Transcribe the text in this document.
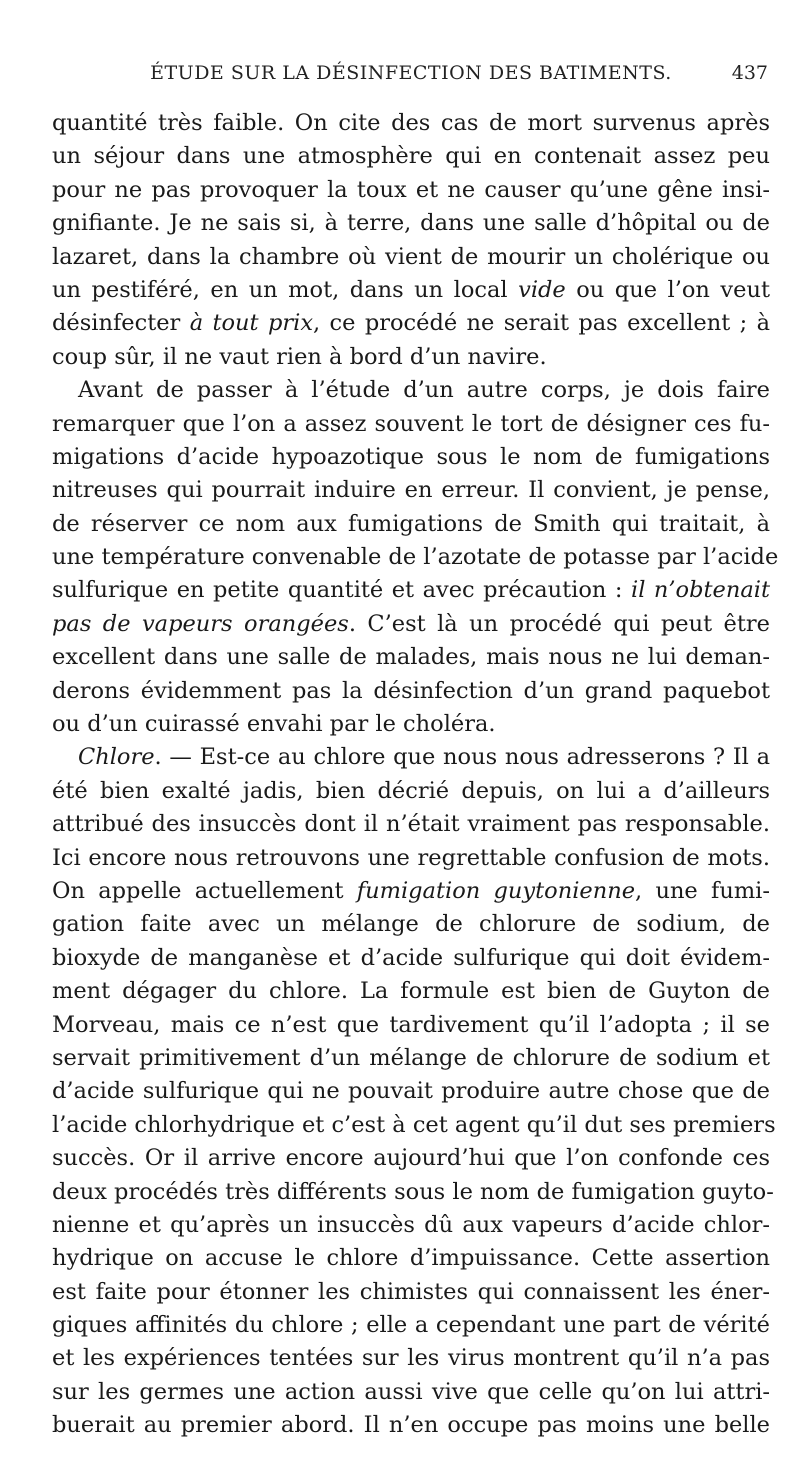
ÉTUDE SUR LA DÉSINFECTION DES BATIMENTS.	437
quantité très faible. On cite des cas de mort survenus après
un séjour dans une atmosphère qui en contenait assez peu
pour ne pas provoquer la toux et ne causer qu’une gêne insi-
gnifiante. Je ne sais si, à terre, dans une salle d’hôpital ou de
lazaret, dans la chambre où vient de mourir un cholérique ou
un pestiféré, en un mot, dans un local vide ou que l’on veut
désinfecter à tout prix, ce procédé ne serait pas excellent ; à
coup sûr, il ne vaut rien à bord d’un navire.
Avant de passer à l’étude d’un autre corps, je dois faire
remarquer que l’on a assez souvent le tort de désigner ces fu-
migations d’acide hypoazotique sous le nom de fumigations
nitreuses qui pourrait induire en erreur. Il convient, je pense,
de réserver ce nom aux fumigations de Smith qui traitait, à
une température convenable de l’azotate de potasse par l’acide
sulfurique en petite quantité et avec précaution : il n’obtenait
pas de vapeurs orangées. C’est là un procédé qui peut être
excellent dans une salle de malades, mais nous ne lui deman-
derons évidemment pas la désinfection d’un grand paquebot
ou d’un cuirassé envahi par le choléra.
Chlore. — Est-ce au chlore que nous nous adresserons ? Il a
été bien exalté jadis, bien décrié depuis, on lui a d’ailleurs
attribué des insuccès dont il n’était vraiment pas responsable.
Ici encore nous retrouvons une regrettable confusion de mots.
On appelle actuellement fumigation guytonienne, une fumi-
gation faite avec un mélange de chlorure de sodium, de
bioxyde de manganèse et d’acide sulfurique qui doit évidem-
ment dégager du chlore. La formule est bien de Guyton de
Morveau, mais ce n’est que tardivement qu’il l’adopta ; il se
servait primitivement d’un mélange de chlorure de sodium et
d’acide sulfurique qui ne pouvait produire autre chose que de
l’acide chlorhydrique et c’est à cet agent qu’il dut ses premiers
succès. Or il arrive encore aujourd’hui que l’on confonde ces
deux procédés très différents sous le nom de fumigation guyto-
nienne et qu’après un insuccès dû aux vapeurs d’acide chlor-
hydrique on accuse le chlore d’impuissance. Cette assertion
est faite pour étonner les chimistes qui connaissent les éner-
giques affinités du chlore ; elle a cependant une part de vérité
et les expériences tentées sur les virus montrent qu’il n’a pas
sur les germes une action aussi vive que celle qu’on lui attri-
buerait au premier abord. Il n’en occupe pas moins une belle
